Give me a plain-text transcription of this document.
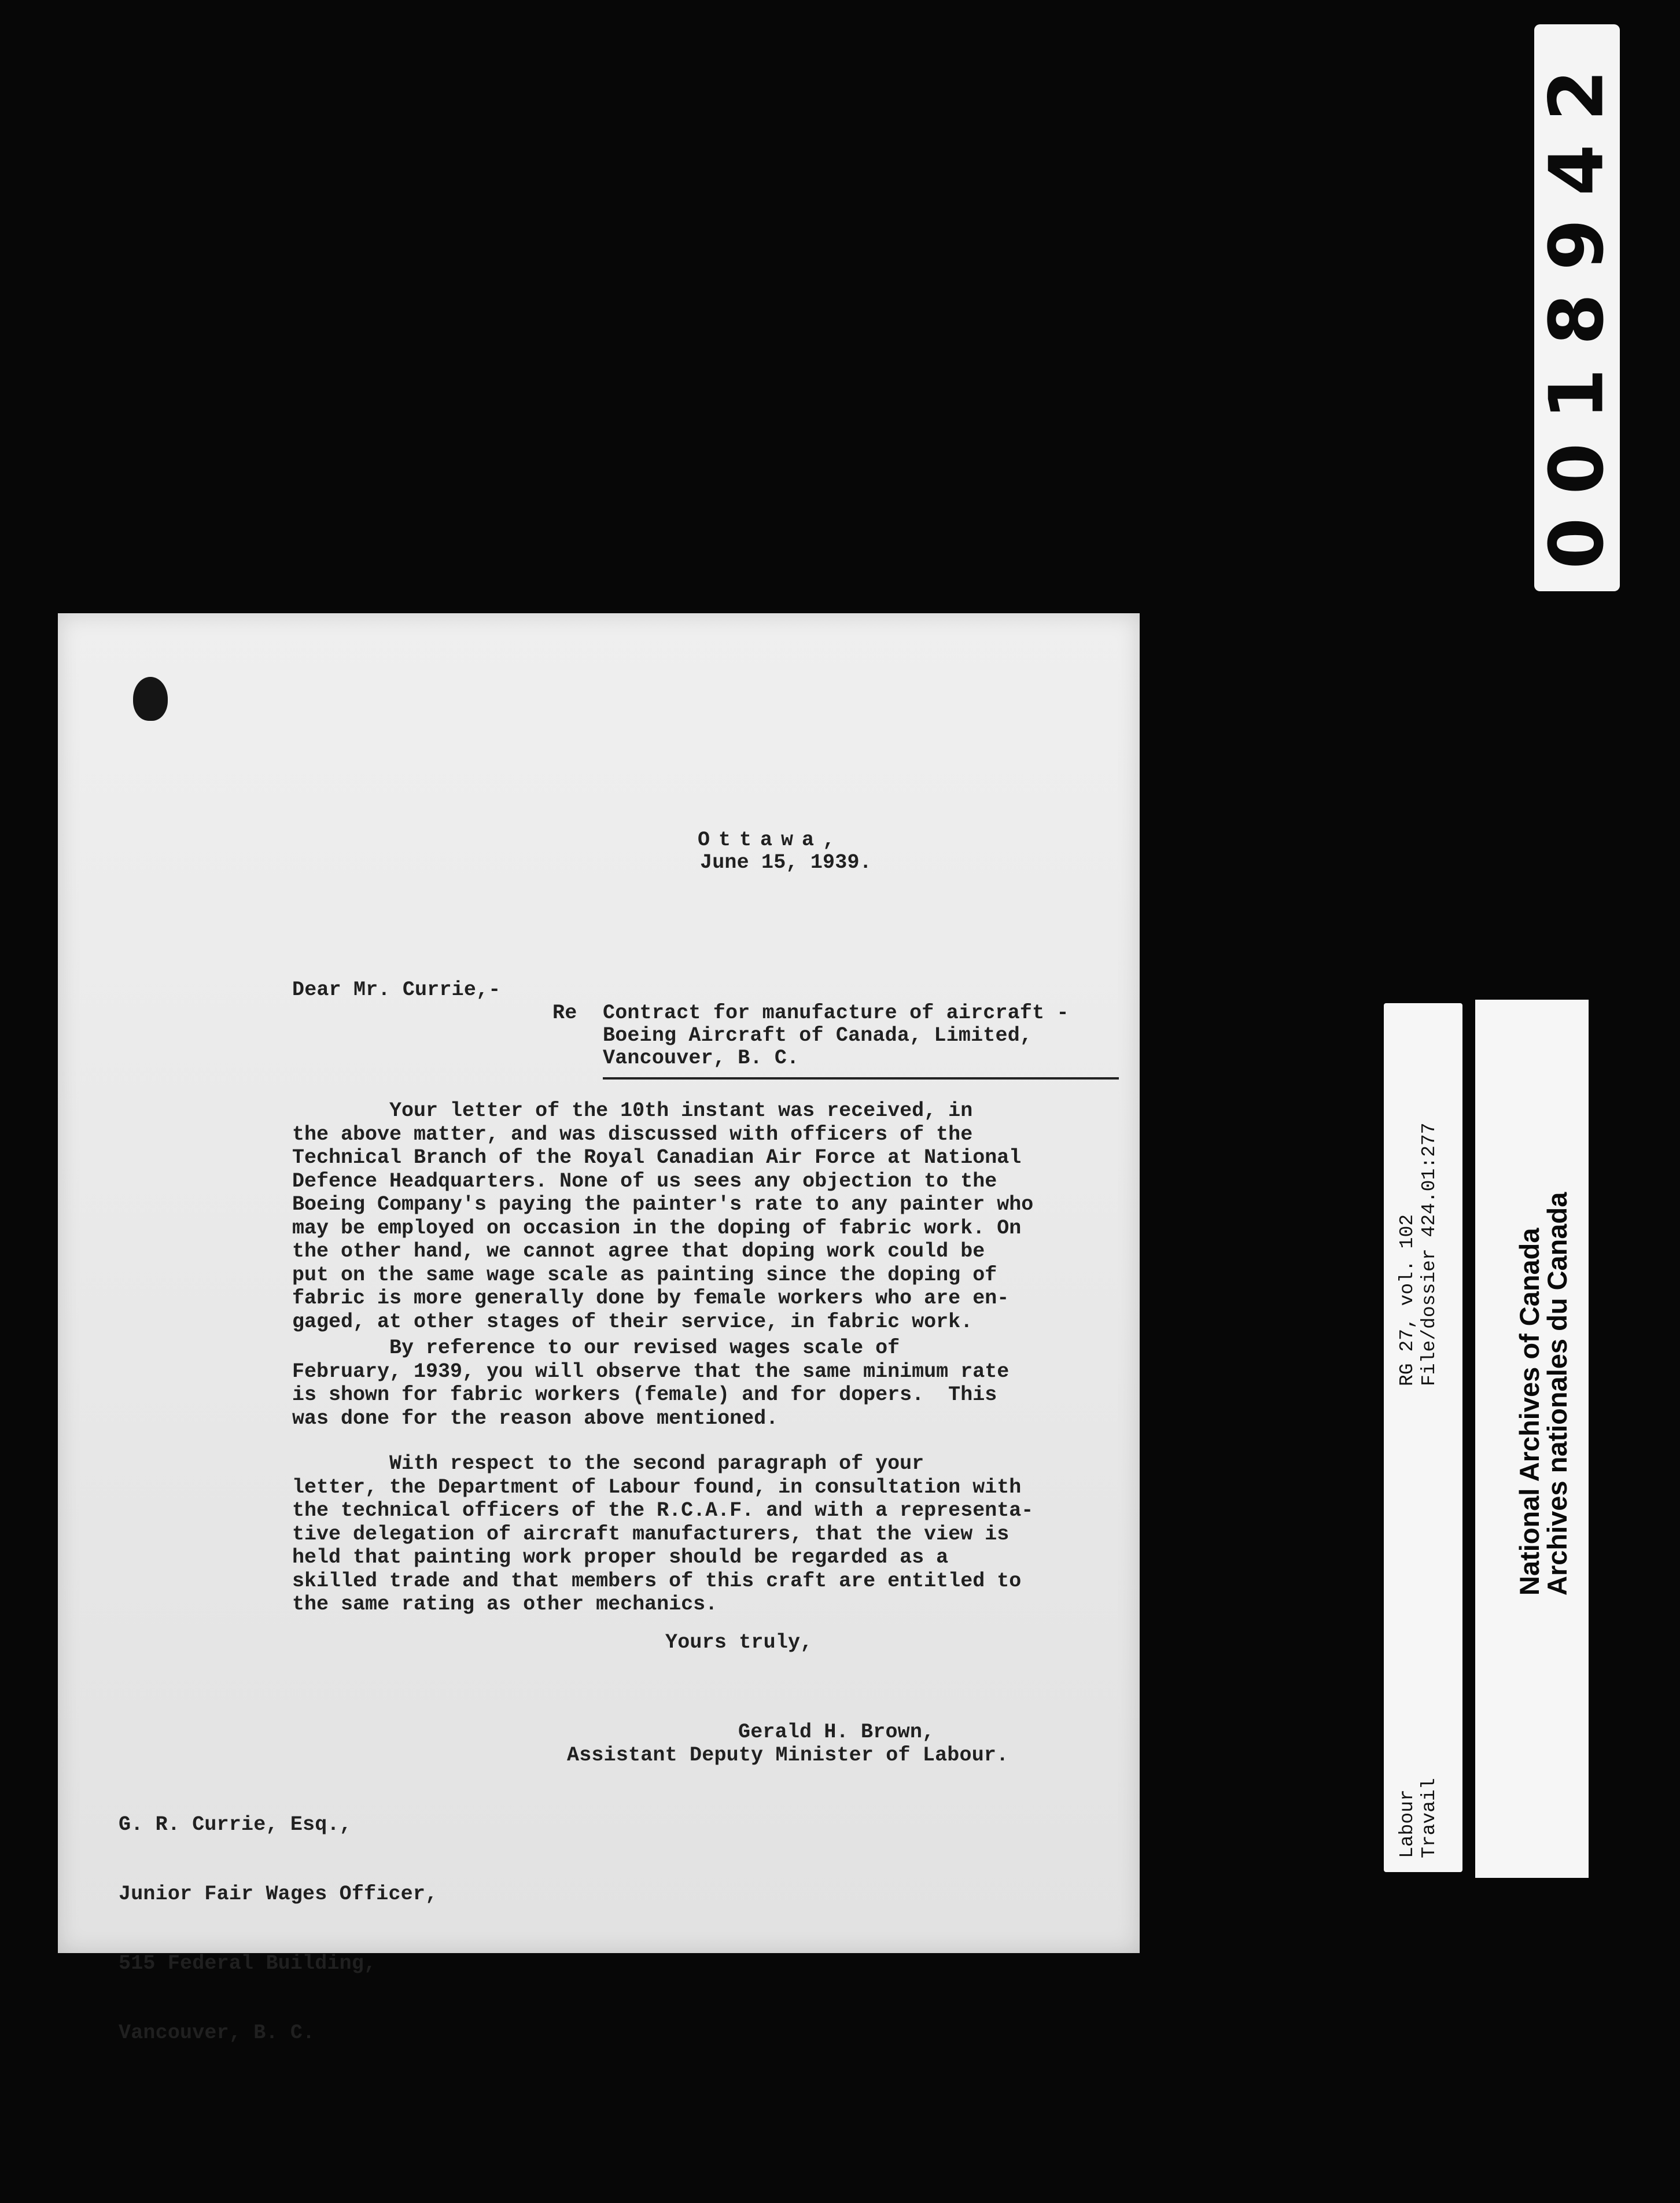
Ottawa,
June 15, 1939.
Dear Mr. Currie,-
Re Contract for manufacture of aircraft -
Boeing Aircraft of Canada, Limited,
Vancouver, B. C.
Your letter of the 10th instant was received, in
the above matter, and was discussed with officers of the
Technical Branch of the Royal Canadian Air Force at National
Defence Headquarters. None of us sees any objection to the
Boeing Company's paying the painter's rate to any painter who
may be employed on occasion in the doping of fabric work. On
the other hand, we cannot agree that doping work could be
put on the same wage scale as painting since the doping of
fabric is more generally done by female workers who are en-
gaged, at other stages of their service, in fabric work.
By reference to our revised wages scale of
February, 1939, you will observe that the same minimum rate
is shown for fabric workers (female) and for dopers.  This
was done for the reason above mentioned.
With respect to the second paragraph of your
letter, the Department of Labour found, in consultation with
the technical officers of the R.C.A.F. and with a representa-
tive delegation of aircraft manufacturers, that the view is
held that painting work proper should be regarded as a
skilled trade and that members of this craft are entitled to
the same rating as other mechanics.
Yours truly,
Gerald H. Brown,
Assistant Deputy Minister of Labour.

G. R. Currie, Esq.,

Junior Fair Wages Officer,

515 Federal Building,

Vancouver, B. C.

0018942
RG 27, vol. 102 File/dossier 424.01:277
Labour Travail
National Archives of Canada
Archives nationales du Canada
